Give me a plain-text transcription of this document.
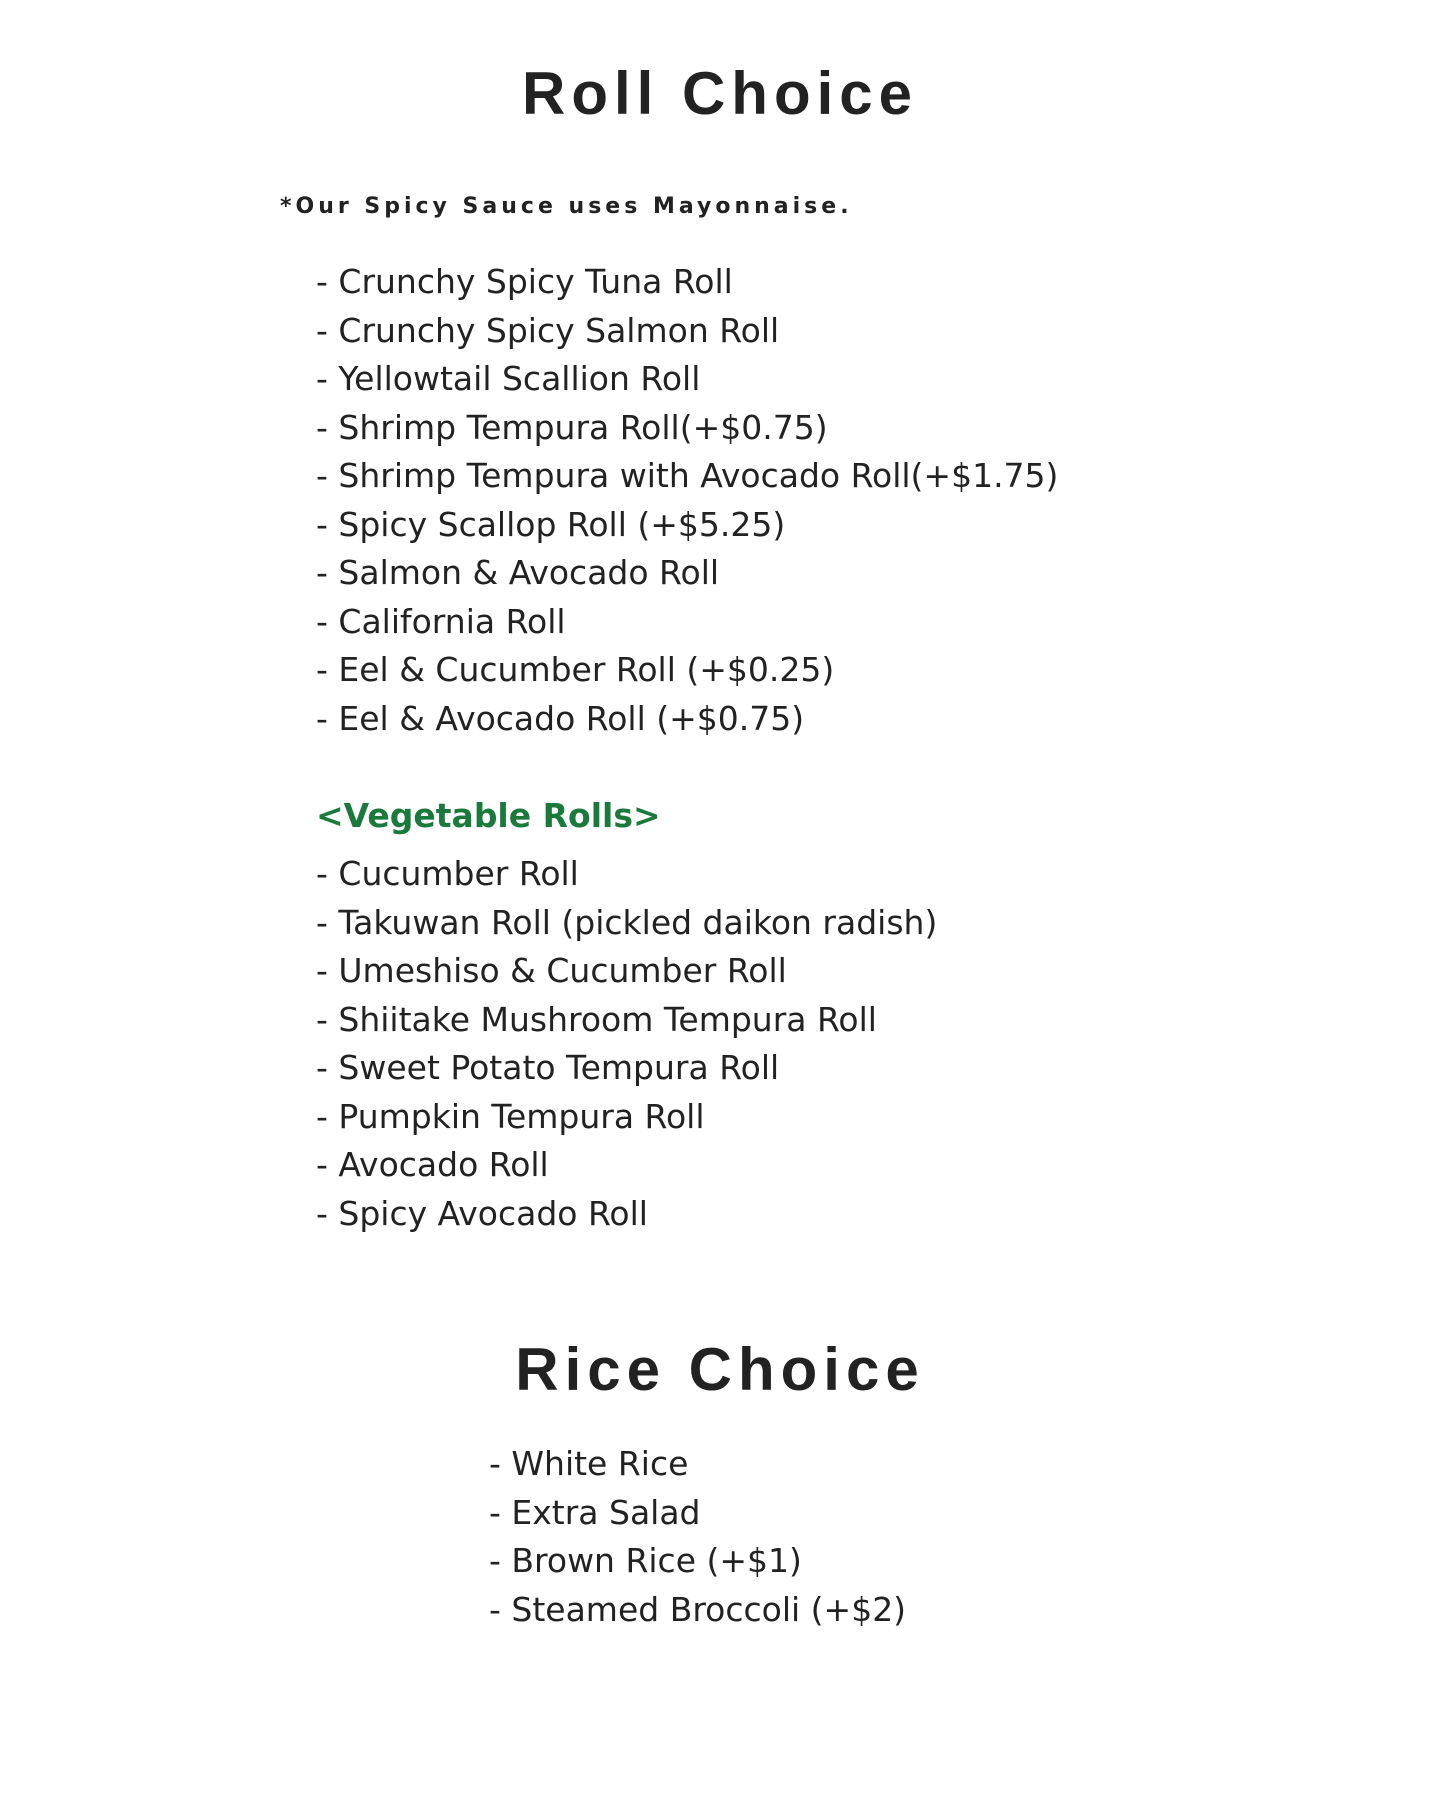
Roll Choice
*Our Spicy Sauce uses Mayonnaise.
- Crunchy Spicy Tuna Roll
- Crunchy Spicy Salmon Roll
- Yellowtail Scallion Roll
- Shrimp Tempura Roll(+$0.75)
- Shrimp Tempura with Avocado Roll(+$1.75)
- Spicy Scallop Roll (+$5.25)
- Salmon & Avocado Roll
- California Roll
- Eel & Cucumber Roll (+$0.25)
- Eel & Avocado Roll (+$0.75)
<Vegetable Rolls>
- Cucumber Roll
- Takuwan Roll (pickled daikon radish)
- Umeshiso & Cucumber Roll
- Shiitake Mushroom Tempura Roll
- Sweet Potato Tempura Roll
- Pumpkin Tempura Roll
- Avocado Roll
- Spicy Avocado Roll
Rice Choice
- White Rice
- Extra Salad
- Brown Rice (+$1)
- Steamed Broccoli (+$2)
